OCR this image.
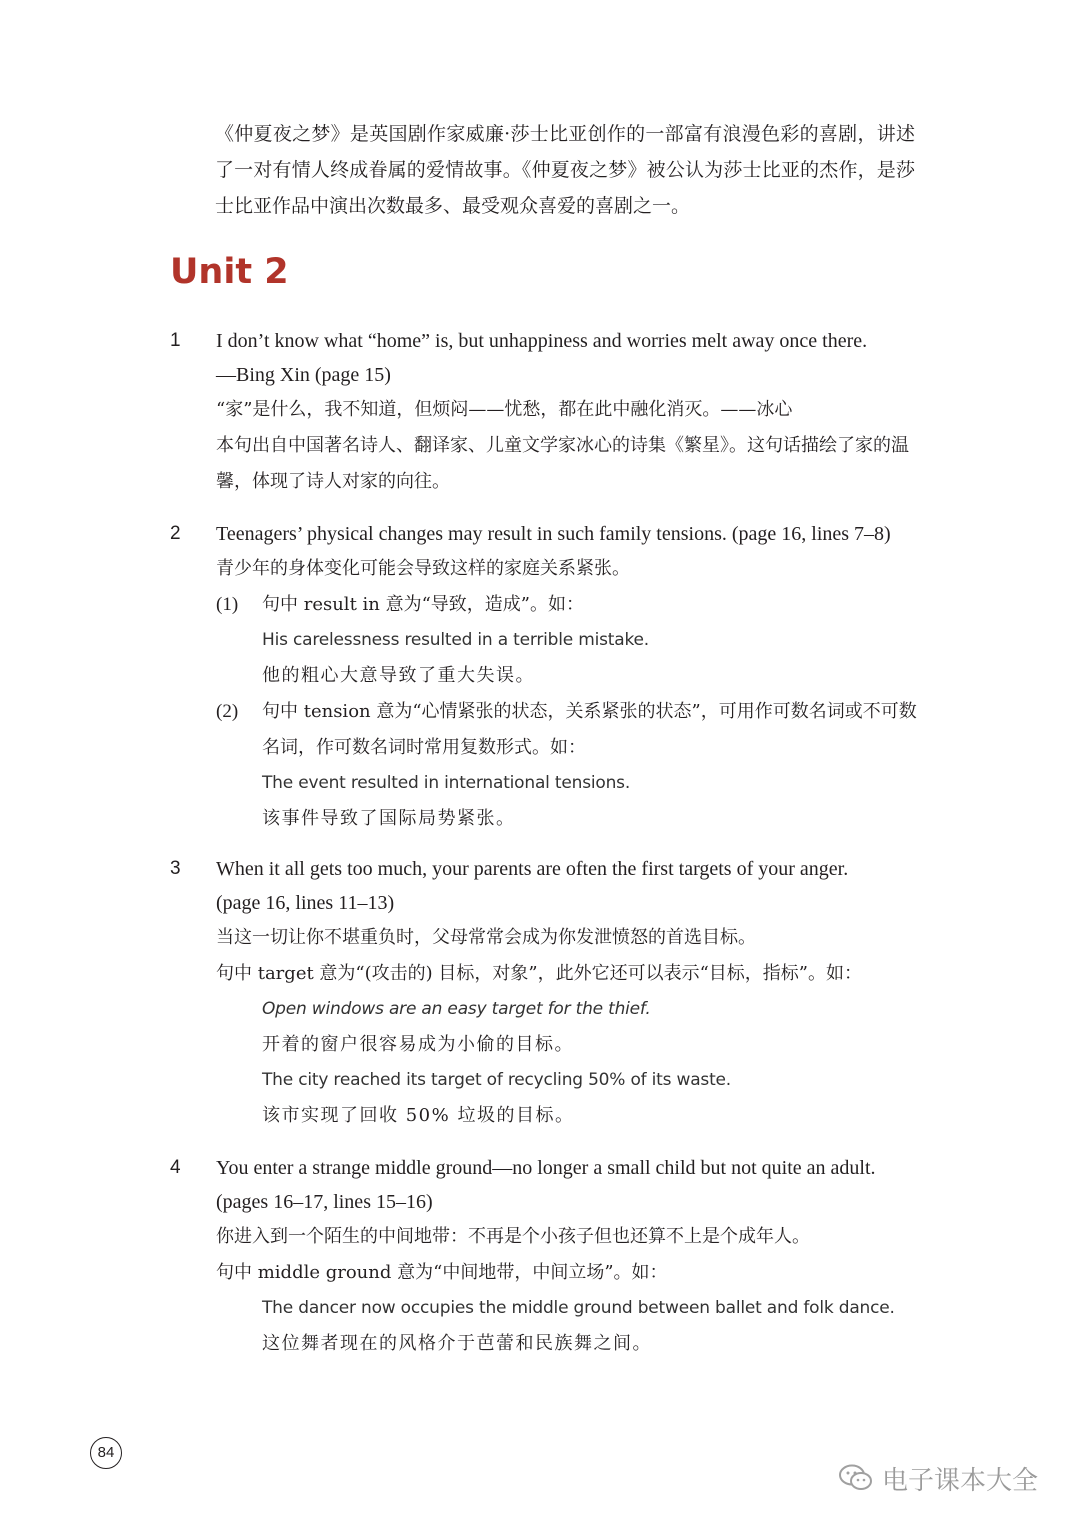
《仲夏夜之梦》是英国剧作家威廉·莎士比亚创作的一部富有浪漫色彩的喜剧，讲述了一对有情人终成眷属的爱情故事。《仲夏夜之梦》被公认为莎士比亚的杰作，是莎士比亚作品中演出次数最多、最受观众喜爱的喜剧之一。
Unit 2
1	I don’t know what “home” is, but unhappiness and worries melt away once there.
—Bing Xin (page 15)
“家”是什么，我不知道，但烦闷——忧愁，都在此中融化消灭。——冰心
本句出自中国著名诗人、翻译家、儿童文学家冰心的诗集《繁星》。这句话描绘了家的温馨，体现了诗人对家的向往。
2	Teenagers’ physical changes may result in such family tensions. (page 16, lines 7–8)
青少年的身体变化可能会导致这样的家庭关系紧张。
(1) 句中 result in 意为“导致，造成”。如：
His carelessness resulted in a terrible mistake.
他的粗心大意导致了重大失误。
(2) 句中 tension 意为“心情紧张的状态，关系紧张的状态”，可用作可数名词或不可数名词，作可数名词时常用复数形式。如：
The event resulted in international tensions.
该事件导致了国际局势紧张。
3	When it all gets too much, your parents are often the first targets of your anger.
(page 16, lines 11–13)
当这一切让你不堪重负时，父母常常会成为你发泄愤怒的首选目标。
句中 target 意为“(攻击的) 目标，对象”，此外它还可以表示“目标，指标”。如：
Open windows are an easy target for the thief.
开着的窗户很容易成为小偷的目标。
The city reached its target of recycling 50% of its waste.
该市实现了回收 50% 垃圾的目标。
4	You enter a strange middle ground—no longer a small child but not quite an adult.
(pages 16–17, lines 15–16)
你进入到一个陌生的中间地带：不再是个小孩子但也还算不上是个成年人。
句中 middle ground 意为“中间地带，中间立场”。如：
The dancer now occupies the middle ground between ballet and folk dance.
这位舞者现在的风格介于芭蕾和民族舞之间。
84
电子课本大全
